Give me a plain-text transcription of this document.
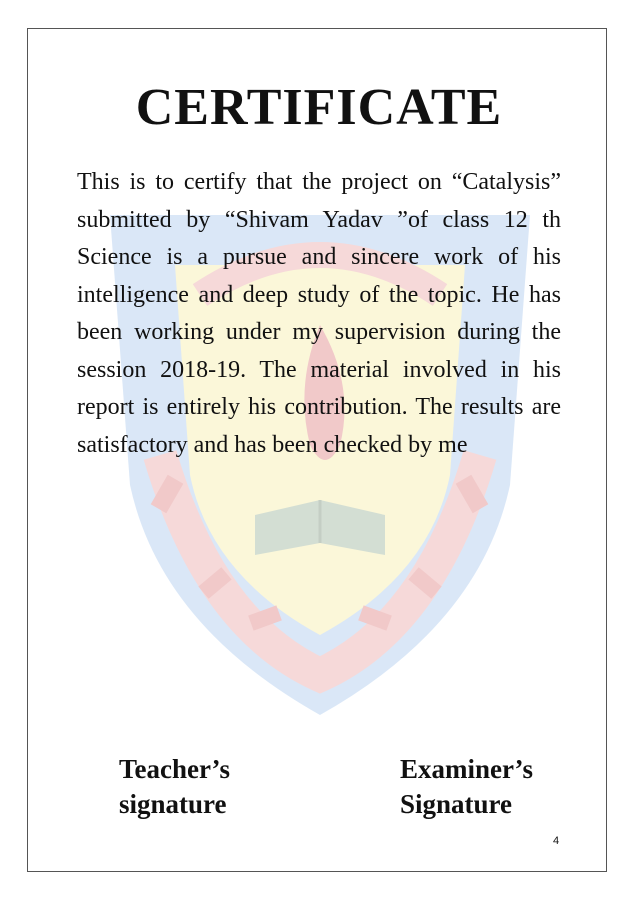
CERTIFICATE

This is to certify that the project on “Catalysis” submitted by “Shivam Yadav ”of class 12 th Science is a pursue and sincere work of his intelligence and deep study of the topic. He has been working under my supervision during the session 2018-19. The material involved in his report is entirely his contribution. The results are satisfactory and has been checked by me

Teacher’s
signature
Examiner’s
Signature
4
